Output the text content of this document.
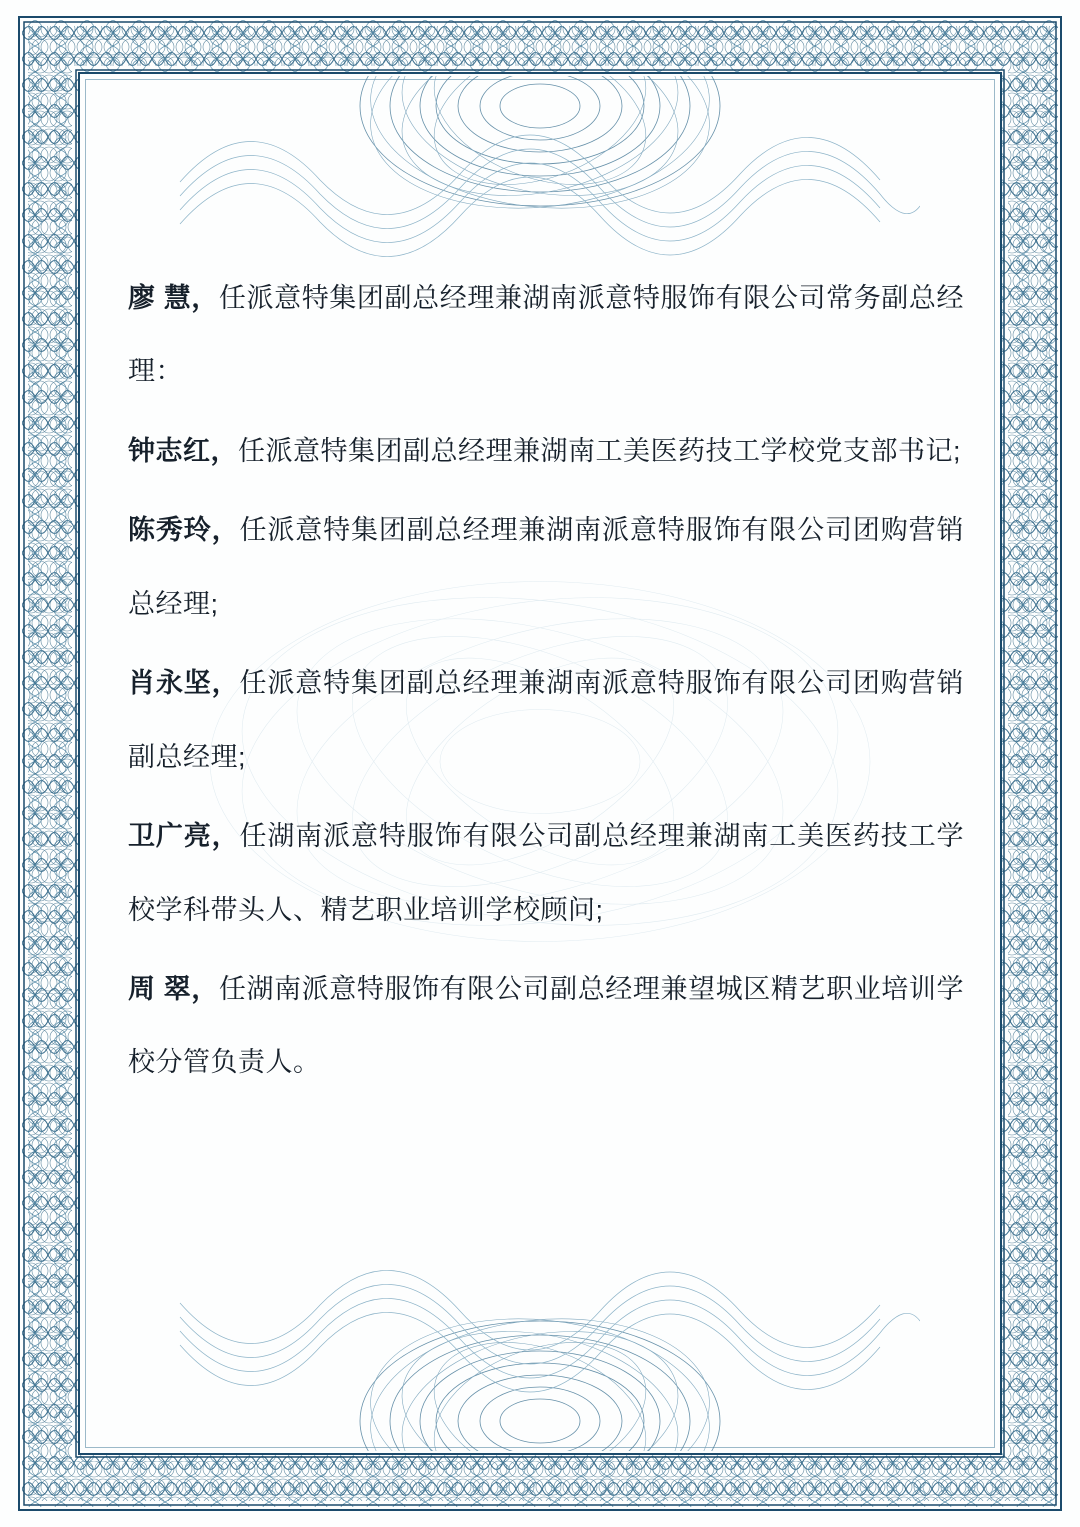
廖 慧，任派意特集团副总经理兼湖南派意特服饰有限公司常务副总经理：

钟志红，任派意特集团副总经理兼湖南工美医药技工学校党支部书记;

陈秀玲，任派意特集团副总经理兼湖南派意特服饰有限公司团购营销总经理;

肖永坚，任派意特集团副总经理兼湖南派意特服饰有限公司团购营销副总经理;

卫广亮，任湖南派意特服饰有限公司副总经理兼湖南工美医药技工学校学科带头人、精艺职业培训学校顾问;

周 翠，任湖南派意特服饰有限公司副总经理兼望城区精艺职业培训学校分管负责人。
